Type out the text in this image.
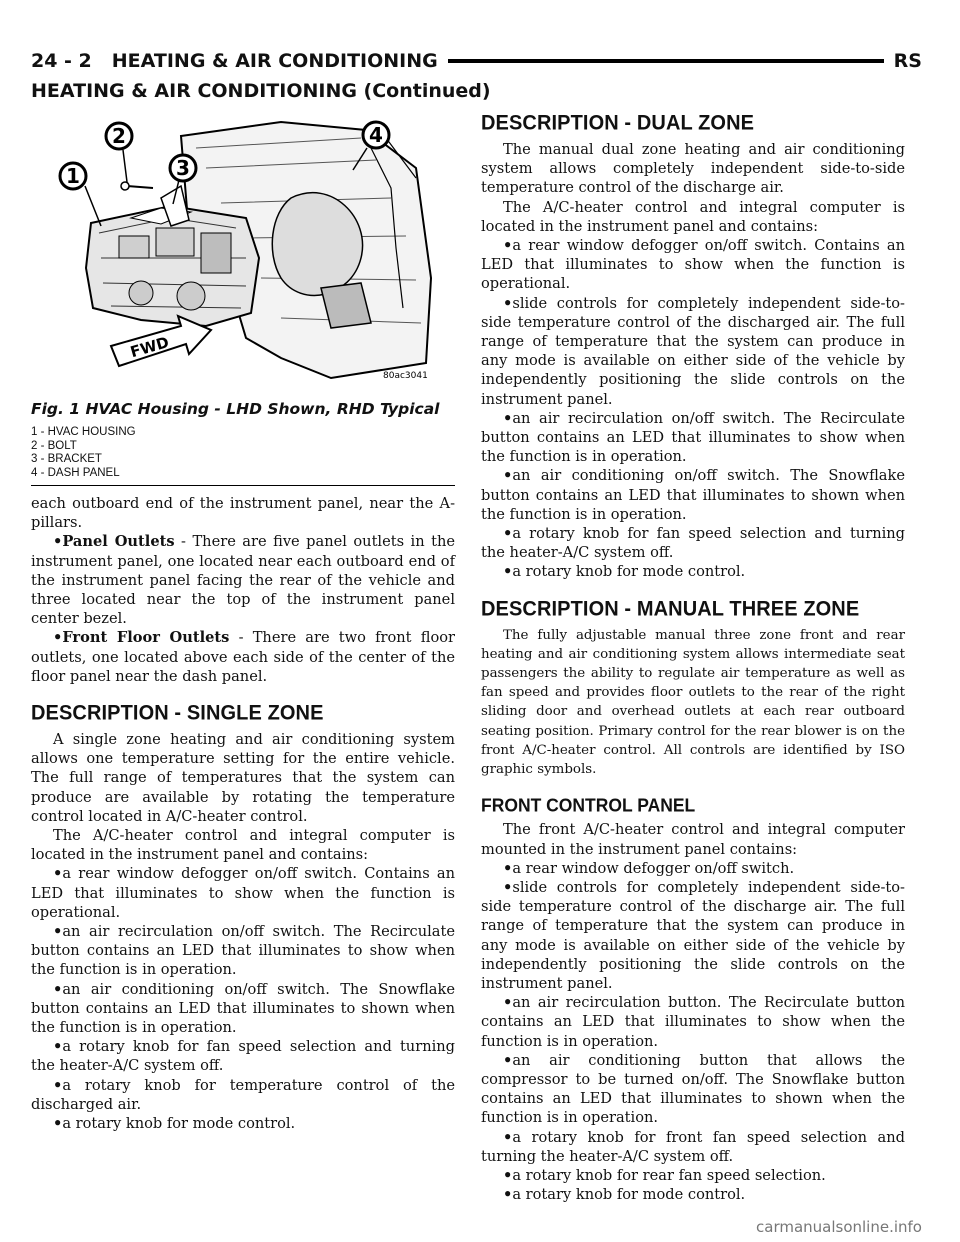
24 - 2 HEATING & AIR CONDITIONING	RS
HEATING & AIR CONDITIONING (Continued)
1
2
3
4
FWD
80ac3041
Fig. 1 HVAC Housing - LHD Shown, RHD Typical
1 - HVAC HOUSING
2 - BOLT
3 - BRACKET
4 - DASH PANEL

each outboard end of the instrument panel, near the A-pillars.

•Panel Outlets - There are five panel outlets in the instrument panel, one located near each outboard end of the instrument panel facing the rear of the vehicle and three located near the top of the instrument panel center bezel.

•Front Floor Outlets - There are two front floor outlets, one located above each side of the center of the floor panel near the dash panel.

DESCRIPTION - SINGLE ZONE

A single zone heating and air conditioning system allows one temperature setting for the entire vehicle. The full range of temperatures that the system can produce are available by rotating the temperature control located in A/C-heater control.

The A/C-heater control and integral computer is located in the instrument panel and contains:

•a rear window defogger on/off switch. Contains an LED that illuminates to show when the function is operational.

•an air recirculation on/off switch. The Recirculate button contains an LED that illuminates to show when the function is in operation.

•an air conditioning on/off switch. The Snowflake button contains an LED that illuminates to shown when the function is in operation.

•a rotary knob for fan speed selection and turning the heater-A/C system off.

•a rotary knob for temperature control of the discharged air.

•a rotary knob for mode control.

DESCRIPTION - DUAL ZONE

The manual dual zone heating and air conditioning system allows completely independent side-to-side temperature control of the discharge air.

The A/C-heater control and integral computer is located in the instrument panel and contains:

•a rear window defogger on/off switch. Contains an LED that illuminates to show when the function is operational.

•slide controls for completely independent side-to-side temperature control of the discharged air. The full range of temperature that the system can produce in any mode is available on either side of the vehicle by independently positioning the slide controls on the instrument panel.

•an air recirculation on/off switch. The Recirculate button contains an LED that illuminates to show when the function is in operation.

•an air conditioning on/off switch. The Snowflake button contains an LED that illuminates to shown when the function is in operation.

•a rotary knob for fan speed selection and turning the heater-A/C system off.

•a rotary knob for mode control.

DESCRIPTION - MANUAL THREE ZONE

The fully adjustable manual three zone front and rear heating and air conditioning system allows intermediate seat passengers the ability to regulate air temperature as well as fan speed and provides floor outlets to the rear of the right sliding door and overhead outlets at each rear outboard seating position. Primary control for the rear blower is on the front A/C-heater control. All controls are identified by ISO graphic symbols.

FRONT CONTROL PANEL

The front A/C-heater control and integral computer mounted in the instrument panel contains:

•a rear window defogger on/off switch.

•slide controls for completely independent side-to-side temperature control of the discharge air. The full range of temperature that the system can produce in any mode is available on either side of the vehicle by independently positioning the slide controls on the instrument panel.

•an air recirculation button. The Recirculate button contains an LED that illuminates to show when the function is in operation.

•an air conditioning button that allows the compressor to be turned on/off. The Snowflake button contains an LED that illuminates to shown when the function is in operation.

•a rotary knob for front fan speed selection and turning the heater-A/C system off.

•a rotary knob for rear fan speed selection.

•a rotary knob for mode control.

carmanualsonline.info
